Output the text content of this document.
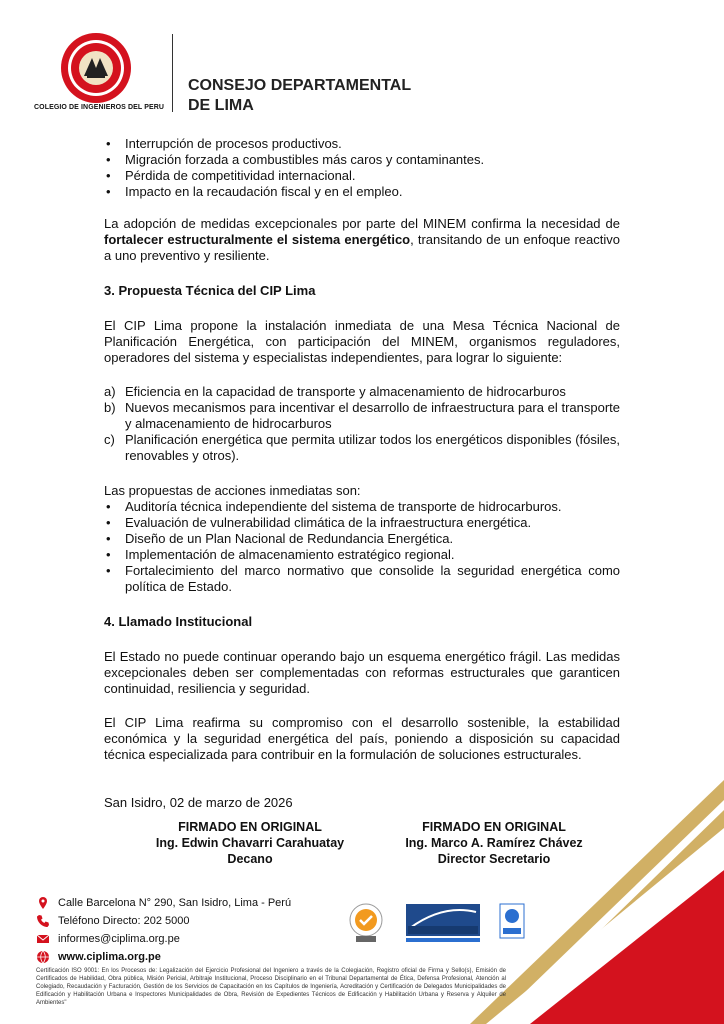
COLEGIO DE INGENIEROS DEL PERU
CONSEJO DEPARTAMENTAL
DE LIMA
• Interrupción de procesos productivos.
• Migración forzada a combustibles más caros y contaminantes.
• Pérdida de competitividad internacional.
• Impacto en la recaudación fiscal y en el empleo.

La adopción de medidas excepcionales por parte del MINEM confirma la necesidad de fortalecer estructuralmente el sistema energético, transitando de un enfoque reactivo a uno preventivo y resiliente.

3. Propuesta Técnica del CIP Lima

El CIP Lima propone la instalación inmediata de una Mesa Técnica Nacional de Planificación Energética, con participación del MINEM, organismos reguladores, operadores del sistema y especialistas independientes, para lograr lo siguiente:

a) Eficiencia en la capacidad de transporte y almacenamiento de hidrocarburos
b) Nuevos mecanismos para incentivar el desarrollo de infraestructura para el transporte y almacenamiento de hidrocarburos
c) Planificación energética que permita utilizar todos los energéticos disponibles (fósiles, renovables y otros).

Las propuestas de acciones inmediatas son:

• Auditoría técnica independiente del sistema de transporte de hidrocarburos.
• Evaluación de vulnerabilidad climática de la infraestructura energética.
• Diseño de un Plan Nacional de Redundancia Energética.
• Implementación de almacenamiento estratégico regional.
• Fortalecimiento del marco normativo que consolide la seguridad energética como política de Estado.

4. Llamado Institucional

El Estado no puede continuar operando bajo un esquema energético frágil. Las medidas excepcionales deben ser complementadas con reformas estructurales que garanticen continuidad, resiliencia y seguridad.

El CIP Lima reafirma su compromiso con el desarrollo sostenible, la estabilidad económica y la seguridad energética del país, poniendo a disposición su capacidad técnica especializada para contribuir en la formulación de soluciones estructurales.

San Isidro, 02 de marzo de 2026

FIRMADO EN ORIGINAL
Ing. Edwin Chavarri Carahuatay
Decano
FIRMADO EN ORIGINAL
Ing. Marco A. Ramírez Chávez
Director Secretario
Calle Barcelona N° 290, San Isidro, Lima - Perú
Teléfono Directo: 202 5000
informes@ciplima.org.pe
www.ciplima.org.pe
Certificación ISO 9001: En los Procesos de: Legalización del Ejercicio Profesional del Ingeniero a través de la Colegiación, Registro oficial de Firma y Sello(s), Emisión de Certificados de Habilidad, Obra pública, Misión Pericial, Arbitraje Institucional, Proceso Disciplinario en el Tribunal Departamental de Ética, Defensa Profesional, Atención al Colegiado, Recaudación y Facturación, Gestión de los Servicios de Capacitación en los Capítulos de Ingeniería, Acreditación y Certificación de Delegados Municipalidades de Edificación y Habilitación Urbana e Inspectores Municipalidades de Obra, Revisión de Expedientes Técnicos de Edificación y Habilitación Urbana y Reserva y Alquiler de Ambientes"
